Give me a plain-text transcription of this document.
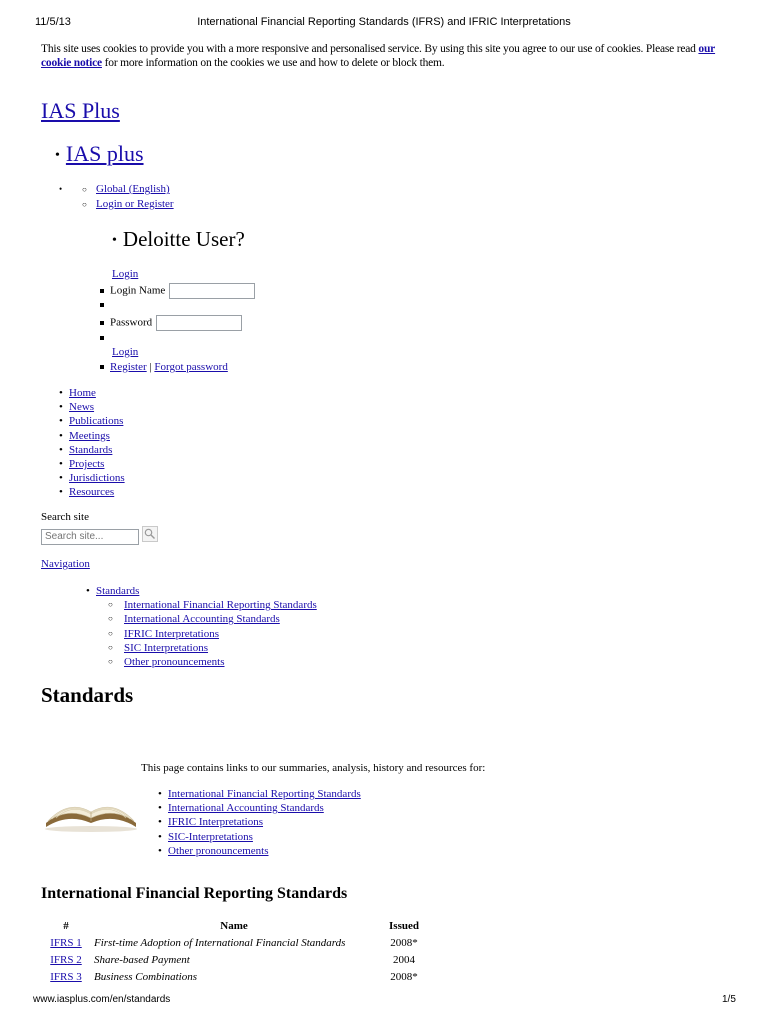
11/5/13	International Financial Reporting Standards (IFRS) and IFRIC Interpretations
This site uses cookies to provide you with a more responsive and personalised service. By using this site you agree to our use of cookies. Please read our cookie notice for more information on the cookies we use and how to delete or block them.
IAS Plus
• IAS plus
•	○ Global (English)
○ Login or Register
• Deloitte User?
Login
Login Name
Password
Login
Register | Forgot password
• Home
• News
• Publications
• Meetings
• Standards
• Projects
• Jurisdictions
• Resources
Search site
Search site...
Navigation
• Standards
○ International Financial Reporting Standards
○ International Accounting Standards
○ IFRIC Interpretations
○ SIC Interpretations
○ Other pronouncements
Standards
This page contains links to our summaries, analysis, history and resources for:
• International Financial Reporting Standards
• International Accounting Standards
• IFRIC Interpretations
• SIC-Interpretations
• Other pronouncements
International Financial Reporting Standards
#	Name	Issued
IFRS 1	First-time Adoption of International Financial Standards	2008*
IFRS 2	Share-based Payment	2004
IFRS 3	Business Combinations	2008*
www.iasplus.com/en/standards	1/5
